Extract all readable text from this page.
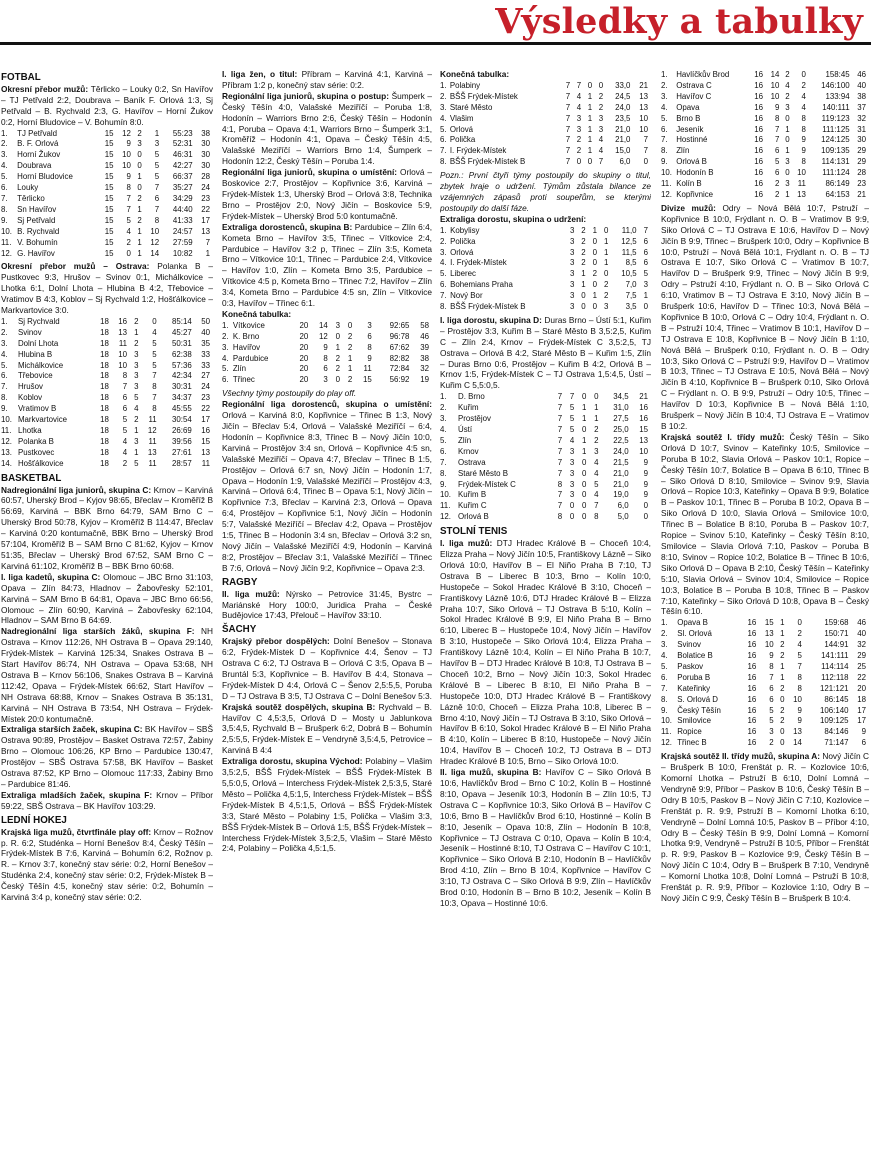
Výsledky a tabulky

FOTBAL

Okresní přebor mužů: Těrlicko – Louky 0:2, Sn Havířov – TJ Petřvald 2:2, Doubrava – Baník F. Orlová 1:3, Sj Petřvald – B. Rychvald 2:3, G. Havířov – Horní Žukov 0:2, Horní Bludovice – V. Bohumín 8:0.

1.	TJ Petřvald	15	12	2	1	55:23	38
2.	B. F. Orlová	15	9	3	3	52:31	30
3.	Horní Žukov	15	10	0	5	46:31	30
4.	Doubrava	15	10	0	5	42:27	30
5.	Horní Bludovice	15	9	1	5	66:37	28
6.	Louky	15	8	0	7	35:27	24
7.	Těrlicko	15	7	2	6	34:29	23
8.	Sn Havířov	15	7	1	7	44:40	22
9.	Sj Petřvald	15	5	2	8	41:33	17
10.	B. Rychvald	15	4	1	10	24:57	13
11.	V. Bohumín	15	2	1	12	27:59	7
12.	G. Havířov	15	0	1	14	10:82	1

Okresní přebor mužů – Ostrava: Polanka B – Pustkovec 9:3, Hrušov – Svinov 0:1, Michálkovice – Lhotka 6:1, Dolní Lhota – Hlubina B 4:2, Třebovice – Vratimov B 4:3, Koblov – Sj Rychvald 1:2, Hošťálkovice – Markvartovice 3:0.

1.	Sj Rychvald	18	16	2	0	85:14	50
2.	Svinov	18	13	1	4	45:27	40
3.	Dolní Lhota	18	11	2	5	50:31	35
4.	Hlubina B	18	10	3	5	62:38	33
5.	Michálkovice	18	10	3	5	57:36	33
6.	Třebovice	18	8	3	7	42:34	27
7.	Hrušov	18	7	3	8	30:31	24
8.	Koblov	18	6	5	7	34:37	23
9.	Vratimov B	18	6	4	8	45:55	22
10.	Markvartovice	18	5	2	11	30:54	17
11.	Lhotka	18	5	1	12	26:69	16
12.	Polanka B	18	4	3	11	39:56	15
13.	Pustkovec	18	4	1	13	27:61	13
14.	Hošťálkovice	18	2	5	11	28:57	11

BASKETBAL

Nadregionální liga juniorů, skupina C: Krnov – Karviná 60:57, Uherský Brod – Kyjov 98:65, Břeclav – Kroměříž B 56:69, Karviná – BBK Brno 64:79, SAM Brno C – Uherský Brod 50:78, Kyjov – Kroměříž B 114:47, Břeclav – Karviná 0:20 kontumačně, BBK Brno – Uherský Brod 57:104, Kroměříž B – SAM Brno C 81:62, Kyjov – Krnov 51:35, Břeclav – Uherský Brod 67:52, SAM Brno C – Karviná 61:102, Kroměříž B – BBK Brno 60:68.

I. liga kadetů, skupina C: Olomouc – JBC Brno 31:103, Opava – Zlín 84:73, Hladnov – Žabovřesky 52:101, Karviná – SAM Brno B 64:81, Opava – JBC Brno 66:56, Olomouc – Zlín 60:90, Karviná – Žabovřesky 62:104, Hladnov – SAM Brno B 64:69.

Nadregionální liga starších žáků, skupina F: NH Ostrava – Krnov 112:26, NH Ostrava B – Opava 29:140, Frýdek-Místek – Karviná 125:34, Snakes Ostrava B – Start Havířov 86:74, NH Ostrava – Opava 53:68, NH Ostrava B – Krnov 56:106, Snakes Ostrava B – Karviná 112:42, Opava – Frýdek-Místek 66:62, Start Havířov – NH Ostrava 68:88, Krnov – Snakes Ostrava B 35:131, Karviná – NH Ostrava B 73:54, NH Ostrava – Frýdek-Místek 20:0 kontumačně.

Extraliga starších žaček, skupina C: BK Havířov – SBŠ Ostrava 90:89, Prostějov – Basket Ostrava 72:57, Žabiny Brno – Olomouc 106:26, KP Brno – Pardubice 130:47, Prostějov – SBŠ Ostrava 57:58, BK Havířov – Basket Ostrava 87:52, KP Brno – Olomouc 117:33, Žabiny Brno – Pardubice 81:46.

Extraliga mladších žaček, skupina F: Krnov – Příbor 59:22, SBŠ Ostrava – BK Havířov 103:29.

LEDNÍ HOKEJ

Krajská liga mužů, čtvrtfinále play off: Krnov – Rožnov p. R. 6:2, Studénka – Horní Benešov 8:4, Český Těšín – Frýdek-Místek B 7:6, Karviná – Bohumín 6:2, Rožnov p. R. – Krnov 3:7, konečný stav série: 0:2, Horní Benešov – Studénka 2:4, konečný stav série: 0:2, Frýdek-Místek B – Český Těšín 4:5, konečný stav série: 0:2, Bohumín – Karviná 3:4 p, konečný stav série: 0:2.

I. liga žen, o titul: Příbram – Karviná 4:1, Karviná – Příbram 1:2 p, konečný stav série: 0:2.

Regionální liga juniorů, skupina o postup: Šumperk – Český Těšín 4:0, Valašské Meziříčí – Poruba 1:8, Hodonín – Warriors Brno 2:6, Český Těšín – Hodonín 4:1, Poruba – Opava 4:1, Warriors Brno – Šumperk 3:1, Kroměříž – Hodonín 4:1, Opava – Český Těšín 4:5, Valašské Meziříčí – Warriors Brno 1:4, Šumperk – Hodonín 12:2, Český Těšín – Poruba 1:4.

Regionální liga juniorů, skupina o umístění: Orlová – Boskovice 2:7, Prostějov – Kopřivnice 3:6, Karviná – Frýdek-Místek 1:3, Uherský Brod – Orlová 3:8, Technika Brno – Prostějov 2:0, Nový Jičín – Boskovice 5:9, Frýdek-Místek – Uherský Brod 5:0 kontumačně.

Extraliga dorostenců, skupina B: Pardubice – Zlín 6:4, Kometa Brno – Havířov 3:5, Třinec – Vítkovice 2:4, Pardubice – Havířov 3:2 p, Třinec – Zlín 3:5, Kometa Brno – Vítkovice 10:1, Třinec – Pardubice 2:4, Vítkovice – Havířov 1:0, Zlín – Kometa Brno 3:5, Pardubice – Vítkovice 4:5 p, Kometa Brno – Třinec 7:2, Havířov – Zlín 3:4, Kometa Brno – Pardubice 4:5 sn, Zlín – Vítkovice 0:3, Havířov – Třinec 6:1.

Konečná tabulka:

1.	Vítkovice	20	14	3	0	3	92:65	58
2.	K. Brno	20	12	0	2	6	96:78	46
3.	Havířov	20	9	1	2	8	67:62	39
4.	Pardubice	20	8	2	1	9	82:82	38
5.	Zlín	20	6	2	1	11	72:84	32
6.	Třinec	20	3	0	2	15	56:92	19

Všechny týmy postoupily do play off.

Regionální liga dorostenců, skupina o umístění: Orlová – Karviná 8:0, Kopřivnice – Třinec B 1:3, Nový Jičín – Břeclav 5:4, Orlová – Valašské Meziříčí – 6:4, Hodonín – Kopřivnice 8:3, Třinec B – Nový Jičín 10:0, Karviná – Prostějov 3:4 sn, Orlová – Kopřivnice 4:5 sn, Valašské Meziříčí – Opava 4:7, Břeclav – Třinec B 1:5, Prostějov – Orlová 6:7 sn, Nový Jičín – Hodonín 1:7, Opava – Hodonín 1:9, Valašské Meziříčí – Prostějov 4:3, Karviná – Orlová 6:4, Třinec B – Opava 5:1, Nový Jičín – Kopřivnice 7:3, Břeclav – Karviná 2:3, Orlová – Opava 6:4, Prostějov – Kopřivnice 5:1, Nový Jičín – Hodonín 5:7, Valašské Meziříčí – Břeclav 4:2, Opava – Prostějov 1:5, Třinec B – Hodonín 3:4 sn, Břeclav – Orlová 3:2 sn, Nový Jičín – Valašské Meziříčí 4:9, Hodonín – Karviná 8:2, Prostějov – Břeclav 3:1, Valašské Meziříčí – Třinec B 7:6, Orlová – Nový Jičín 9:2, Kopřivnice – Opava 2:3.

RAGBY

II. liga mužů: Nýrsko – Petrovice 31:45, Bystrc – Mariánské Hory 100:0, Juridica Praha – České Budějovice 17:43, Přelouč – Havířov 33:10.

ŠACHY

Krajský přebor dospělých: Dolní Benešov – Stonava 6:2, Frýdek-Místek D – Kopřivnice 4:4, Šenov – TJ Ostrava C 6:2, TJ Ostrava B – Orlová C 3:5, Opava B – Bruntál 5:3, Kopřivnice – B. Havířov B 4:4, Stonava – Frýdek-Místek D 4:4, Orlová C – Šenov 2,5:5,5, Poruba D – TJ Ostrava B 3:5, TJ Ostrava C – Dolní Benešov 5:3.

Krajská soutěž dospělých, skupina B: Rychvald – B. Havířov C 4,5:3,5, Orlová D – Mosty u Jablunkova 3,5:4,5, Rychvald B – Brušperk 6:2, Dobrá B – Bohumín 2,5:5,5, Frýdek-Místek E – Vendryně 3,5:4,5, Petrovice – Karviná B 4:4

Extraliga dorostu, skupina Východ: Polabiny – Vlašim 3,5:2,5, BŠŠ Frýdek-Místek – BŠŠ Frýdek-Místek B 5,5:0,5, Orlová – Interchess Frýdek-Místek 2,5:3,5, Staré Město – Polička 4,5:1,5, Interchess Frýdek-Místek – BŠŠ Frýdek-Místek B 4,5:1,5, Orlová – BŠŠ Frýdek-Místek 3:3, Staré Město – Polabiny 1:5, Polička – Vlašim 3:3, BŠŠ Frýdek-Místek B – Orlová 1:5, BŠŠ Frýdek-Místek – Interchess Frýdek-Místek 3,5:2,5, Vlašim – Staré Město 2:4, Polabiny – Polička 4,5:1,5.

Konečná tabulka:

1.	Polabiny	7	7	0	0	33,0	21
2.	BŠŠ Frýdek-Místek	7	4	1	2	24,5	13
3.	Staré Město	7	4	1	2	24,0	13
4.	Vlašim	7	3	1	3	23,5	10
5.	Orlová	7	3	1	3	21,0	10
6.	Polička	7	2	1	4	21,0	7
7.	I. Frýdek-Místek	7	2	1	4	15,0	7
8.	BŠŠ Frýdek-Místek B	7	0	0	7	6,0	0

Pozn.: První čtyři týmy postoupily do skupiny o titul, zbytek hraje o udržení. Týmům zůstala bilance ze vzájemných zápasů proti soupeřům, se kterými postoupily do další fáze.

Extraliga dorostu, skupina o udržení:

1.	Kobylisy	3	2	1	0	11,0	7
2.	Polička	3	2	0	1	12,5	6
3.	Orlová	3	2	0	1	11,5	6
4.	I. Frýdek-Místek	3	2	0	1	8,5	6
5.	Liberec	3	1	2	0	10,5	5
6.	Bohemians Praha	3	1	0	2	7,0	3
7.	Nový Bor	3	0	1	2	7,5	1
8.	BŠŠ Frýdek-Místek B	3	0	0	3	3,5	0

I. liga dorostu, skupina D: Duras Brno – Ústí 5:1, Kuřim – Prostějov 3:3, Kuřim B – Staré Město B 3,5:2,5, Kuřim C – Zlín 2:4, Krnov – Frýdek-Místek C 3,5:2,5, TJ Ostrava – Orlová B 4:2, Staré Město B – Kuřim 1:5, Zlín – Duras Brno 0:6, Prostějov – Kuřim B 4:2, Orlová B – Krnov 1:5, Frýdek-Místek C – TJ Ostrava 1,5:4,5, Ústí – Kuřim C 5,5:0,5.

1.	D. Brno	7	7	0	0	34,5	21
2.	Kuřim	7	5	1	1	31,0	16
3.	Prostějov	7	5	1	1	27,5	16
4.	Ústí	7	5	0	2	25,0	15
5.	Zlín	7	4	1	2	22,5	13
6.	Krnov	7	3	1	3	24,0	10
7.	Ostrava	7	3	0	4	21,5	9
8.	Staré Město B	7	3	0	4	21,0	9
9.	Frýdek-Místek C	8	3	0	5	21,0	9
10.	Kuřim B	7	3	0	4	19,0	9
11.	Kuřim C	7	0	0	7	6,0	0
12.	Orlová B	8	0	0	8	5,0	0

STOLNÍ TENIS

I. liga mužů: DTJ Hradec Králové B – Choceň 10:4, Elizza Praha – Nový Jičín 10:5, Františkovy Lázně – Siko Orlová 10:0, Havířov B – El Niño Praha B 7:10, TJ Ostrava B – Liberec B 10:3, Brno – Kolín 10:0, Hustopeče – Sokol Hradec Králové B 3:10, Choceň – Františkovy Lázně 10:6, DTJ Hradec Králové B – Elizza Praha 10:7, Siko Orlová – TJ Ostrava B 5:10, Kolín – Sokol Hradec Králové B 9:9, El Niño Praha B – Brno 6:10, Liberec B – Hustopeče 10:4, Nový Jičín – Havířov B 3:10, Hustopeče – Siko Orlová 10:4, Elizza Praha – Františkovy Lázně 10:4, Kolín – El Niño Praha B 10:7, Havířov B – DTJ Hradec Králové B 10:8, TJ Ostrava B – Choceň 10:2, Brno – Nový Jičín 10:3, Sokol Hradec Králové B – Liberec B 8:10, El Niño Praha B – Hustopeče 10:0, DTJ Hradec Králové B – Františkovy Lázně 10:0, Choceň – Elizza Praha 10:8, Liberec B – Brno 4:10, Nový Jičín – TJ Ostrava B 3:10, Siko Orlová – Havířov B 6:10, Sokol Hradec Králové B – El Niño Praha B 4:10, Kolín – Liberec B 8:10, Hustopeče – Nový Jičín 10:4, Havířov B – Choceň 10:2, TJ Ostrava B – DTJ Hradec Králové B 10:5, Brno – Siko Orlová 10:0.

II. liga mužů, skupina B: Havířov C – Siko Orlová B 10:6, Havlíčkův Brod – Brno C 10:2, Kolín B – Hostinné 8:10, Opava – Jeseník 10:3, Hodonín B – Zlín 10:5, TJ Ostrava C – Kopřivnice 10:3, Siko Orlová B – Havířov C 10:6, Brno B – Havlíčkův Brod 6:10, Hostinné – Kolín B 8:10, Jeseník – Opava 10:8, Zlín – Hodonín B 10:8, Kopřivnice – TJ Ostrava C 0:10, Opava – Kolín B 10:4, Jeseník – Hostinné 8:10, TJ Ostrava C – Havířov C 10:1, Kopřivnice – Siko Orlová B 2:10, Hodonín B – Havlíčkův Brod 4:10, Zlín – Brno B 10:4, Kopřivnice – Havířov C 3:10, TJ Ostrava C – Siko Orlová B 9:9, Zlín – Havlíčkův Brod 0:10, Hodonín B – Brno B 10:2, Jeseník – Kolín B 10:3, Opava – Hostinné 10:6.

1.	Havlíčkův Brod	16	14	2	0	158:45	46
2.	Ostrava C	16	10	4	2	146:100	40
3.	Havířov C	16	10	2	4	133:94	38
4.	Opava	16	9	3	4	140:111	37
5.	Brno B	16	8	0	8	119:123	32
6.	Jeseník	16	7	1	8	111:125	31
7.	Hostinné	16	7	0	9	124:125	30
8.	Zlín	16	6	1	9	109:135	29
9.	Orlová B	16	5	3	8	114:131	29
10.	Hodonín B	16	6	0	10	111:124	28
11.	Kolín B	16	2	3	11	86:149	23
12.	Kopřivnice	16	2	1	13	64:153	21

Divize mužů: Odry – Nová Bělá 10:7, Pstruží – Kopřivnice B 10:0, Frýdlant n. O. B – Vratimov B 9:9, Siko Orlová C – TJ Ostrava E 10:6, Havířov D – Nový Jičín B 9:9, Třinec – Brušperk 10:0, Odry – Kopřivnice B 10:0, Pstruží – Nová Bělá 10:1, Frýdlant n. O. B – TJ Ostrava E 10:7, Siko Orlová C – Vratimov B 10:7, Havířov D – Brušperk 9:9, Třinec – Nový Jičín B 9:9, Odry – Pstruží 4:10, Frýdlant n. O. B – Siko Orlová C 6:10, Vratimov B – TJ Ostrava E 3:10, Nový Jičín B – Brušperk 10:6, Havířov D – Třinec 10:3, Nová Bělá – Kopřivnice B 10:0, Orlová C – Odry 10:4, Frýdlant n. O. B – Pstruží 10:4, Třinec – Vratimov B 10:1, Havířov D – TJ Ostrava E 10:8, Kopřivnice B – Nový Jičín B 1:10, Nová Bělá – Brušperk 0:10, Frýdlant n. O. B – Odry 10:3, Siko Orlová C – Pstruží 9:9, Havířov D – Vratimov B 10:3, Třinec – TJ Ostrava E 10:5, Nová Bělá – Nový Jičín B 4:10, Kopřivnice B – Brušperk 0:10, Siko Orlová C – Frýdlant n. O. B 9:9, Pstruží – Odry 10:5, Třinec – Havířov D 10:3, Kopřivnice B – Nová Bělá 1:10, Brušperk – Nový Jičín B 10:4, TJ Ostrava E – Vratimov B 10:2.

Krajská soutěž I. třídy mužů: Český Těšín – Siko Orlová D 10:7, Svinov – Kateřinky 10:5, Smilovice – Poruba B 10:2, Slavia Orlová – Paskov 10:1, Ropice – Český Těšín 10:7, Bolatice B – Opava B 6:10, Třinec B – Siko Orlová D 8:10, Smilovice – Svinov 9:9, Slavia Orlová – Ropice 10:3, Kateřinky – Opava B 9:9, Bolatice B – Paskov 10:1, Třinec B – Poruba B 10:2, Opava B – Siko Orlová D 10:0, Slavia Orlová – Smilovice 10:0, Třinec B – Bolatice B 8:10, Poruba B – Paskov 10:7, Ropice – Svinov 5:10, Kateřinky – Český Těšín 8:10, Smilovice – Slavia Orlová 7:10, Paskov – Poruba B 8:10, Svinov – Ropice 10:2, Bolatice B – Třinec B 10:6, Siko Orlová D – Opava B 2:10, Český Těšín – Kateřinky 5:10, Slavia Orlová – Svinov 10:4, Smilovice – Ropice 10:3, Bolatice B – Poruba B 10:8, Třinec B – Paskov 7:10, Kateřinky – Siko Orlová D 10:8, Opava B – Český Těšín 6:10.

1.	Opava B	16	15	1	0	159:68	46
2.	Sl. Orlová	16	13	1	2	150:71	40
3.	Svinov	16	10	2	4	144:91	32
4.	Bolatice B	16	9	2	5	141:111	29
5.	Paskov	16	8	1	7	114:114	25
6.	Poruba B	16	7	1	8	112:118	22
7.	Kateřinky	16	6	2	8	121:121	20
8.	S. Orlová D	16	6	0	10	86:145	18
9.	Český Těšín	16	5	2	9	106:140	17
10.	Smilovice	16	5	2	9	109:125	17
11.	Ropice	16	3	0	13	84:146	9
12.	Třinec B	16	2	0	14	71:147	6

Krajská soutěž II. třídy mužů, skupina A: Nový Jičín C – Brušperk B 10:0, Frenštát p. R. – Kozlovice 10:6, Komorní Lhotka – Pstruží B 6:10, Dolní Lomná – Vendryně 9:9, Příbor – Paskov B 10:6, Český Těšín B – Odry B 10:5, Paskov B – Nový Jičín C 7:10, Kozlovice – Frenštát p. R. 9:9, Pstruží B – Komorní Lhotka 6:10, Vendryně – Dolní Lomná 10:5, Paskov B – Příbor 4:10, Odry B – Český Těšín B 9:9, Dolní Lomná – Komorní Lhotka 9:9, Vendryně – Pstruží B 10:5, Příbor – Frenštát p. R. 9:9, Paskov B – Kozlovice 9:9, Český Těšín B – Nový Jičín C 10:4, Odry B – Brušperk B 7:10, Vendryně – Komorní Lhotka 10:8, Dolní Lomná – Pstruží B 10:8, Frenštát p. R. 9:9, Příbor – Kozlovice 1:10, Odry B – Nový Jičín C 9:9, Český Těšín B – Brušperk B 10:4.
